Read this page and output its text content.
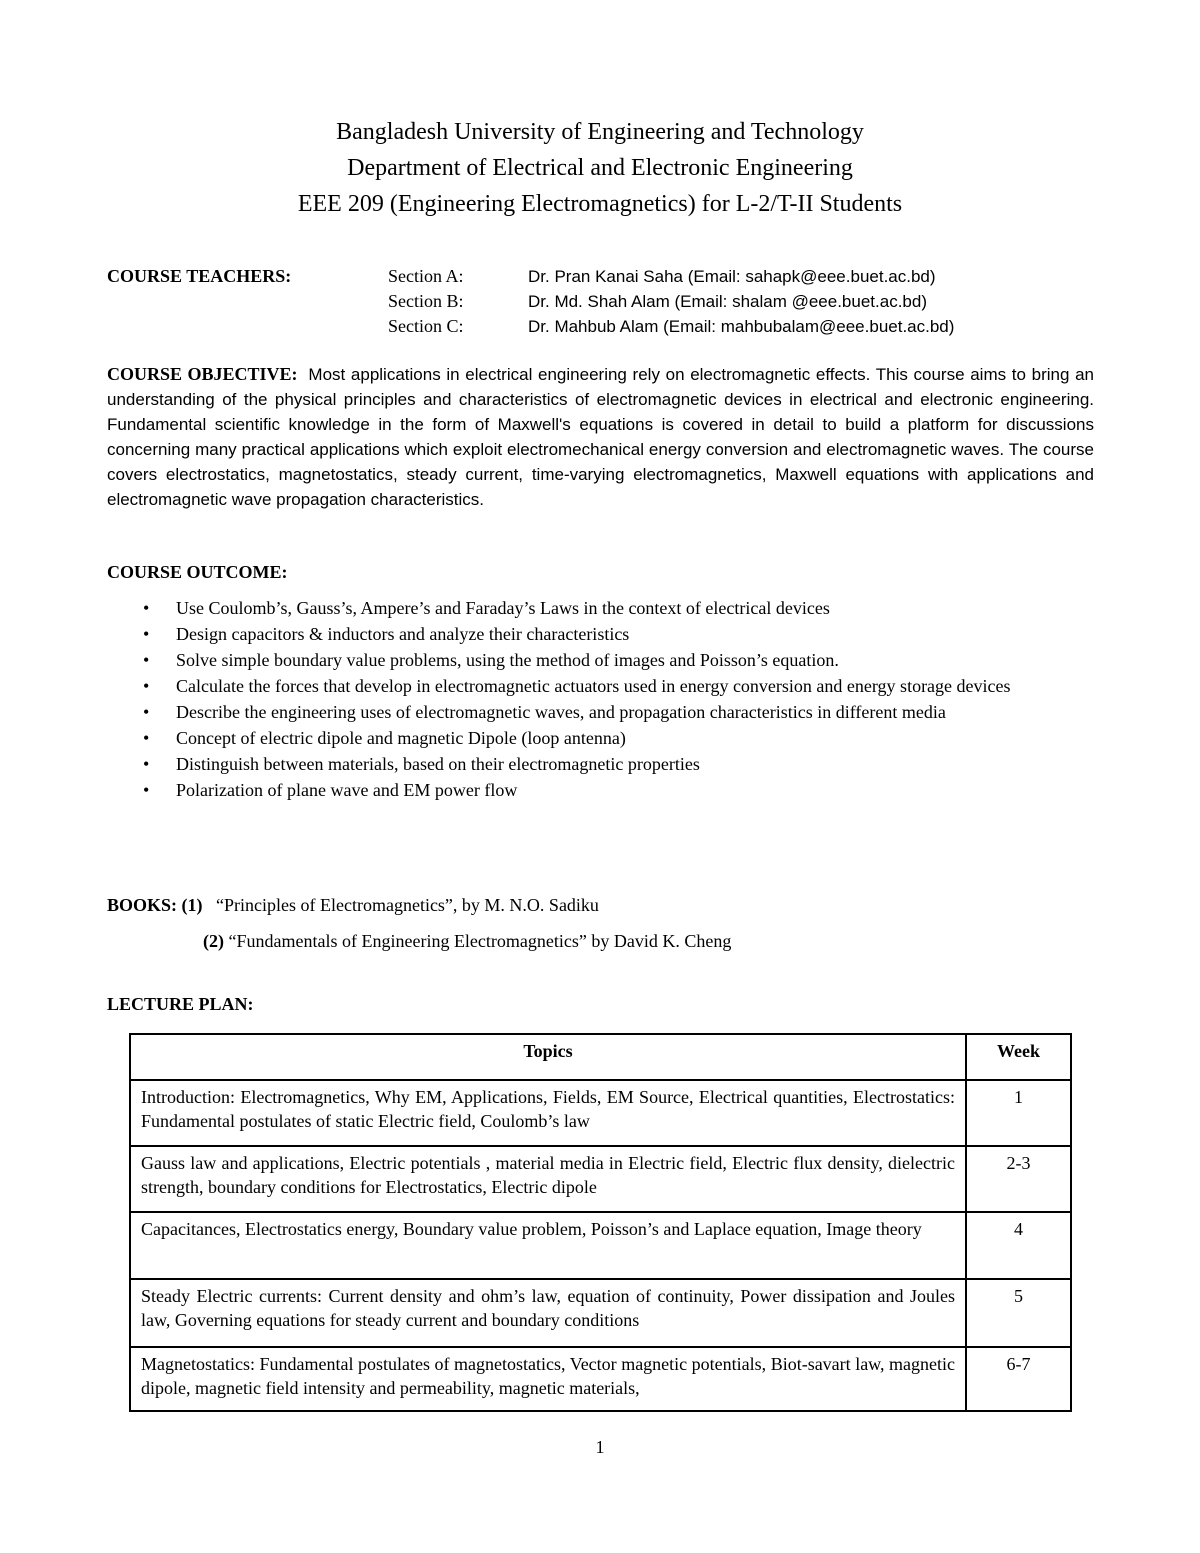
Bangladesh University of Engineering and Technology
Department of Electrical and Electronic Engineering
EEE 209 (Engineering Electromagnetics) for L-2/T-II Students
COURSE TEACHERS:	Section A:	Dr. Pran Kanai Saha (Email: sahapk@eee.buet.ac.bd)
Section B:	Dr. Md. Shah Alam (Email: shalam @eee.buet.ac.bd)
Section C:	Dr. Mahbub Alam (Email: mahbubalam@eee.buet.ac.bd)
COURSE OBJECTIVE: Most applications in electrical engineering rely on electromagnetic effects. This course aims to bring an understanding of the physical principles and characteristics of electromagnetic devices in electrical and electronic engineering. Fundamental scientific knowledge in the form of Maxwell's equations is covered in detail to build a platform for discussions concerning many practical applications which exploit electromechanical energy conversion and electromagnetic waves. The course covers electrostatics, magnetostatics, steady current, time-varying electromagnetics, Maxwell equations with applications and electromagnetic wave propagation characteristics.
COURSE OUTCOME:
• Use Coulomb’s, Gauss’s, Ampere’s and Faraday’s Laws in the context of electrical devices
• Design capacitors & inductors and analyze their characteristics
• Solve simple boundary value problems, using the method of images and Poisson’s equation.
• Calculate the forces that develop in electromagnetic actuators used in energy conversion and energy storage devices
• Describe the engineering uses of electromagnetic waves, and propagation characteristics in different media
• Concept of electric dipole and magnetic Dipole (loop antenna)
• Distinguish between materials, based on their electromagnetic properties
• Polarization of plane wave and EM power flow
BOOKS: (1) “Principles of Electromagnetics”, by M. N.O. Sadiku
(2) “Fundamentals of Engineering Electromagnetics” by David K. Cheng
LECTURE PLAN:
Topics	Week
Introduction: Electromagnetics, Why EM, Applications, Fields, EM Source, Electrical quantities, Electrostatics: Fundamental postulates of static Electric field, Coulomb’s law	1
Gauss law and applications, Electric potentials , material media in Electric field, Electric flux density, dielectric strength, boundary conditions for Electrostatics, Electric dipole	2-3
Capacitances, Electrostatics energy, Boundary value problem, Poisson’s and Laplace equation, Image theory	4
Steady Electric currents: Current density and ohm’s law, equation of continuity, Power dissipation and Joules law, Governing equations for steady current and boundary conditions	5
Magnetostatics: Fundamental postulates of magnetostatics, Vector magnetic potentials, Biot-savart law, magnetic dipole, magnetic field intensity and permeability, magnetic materials,	6-7
1
